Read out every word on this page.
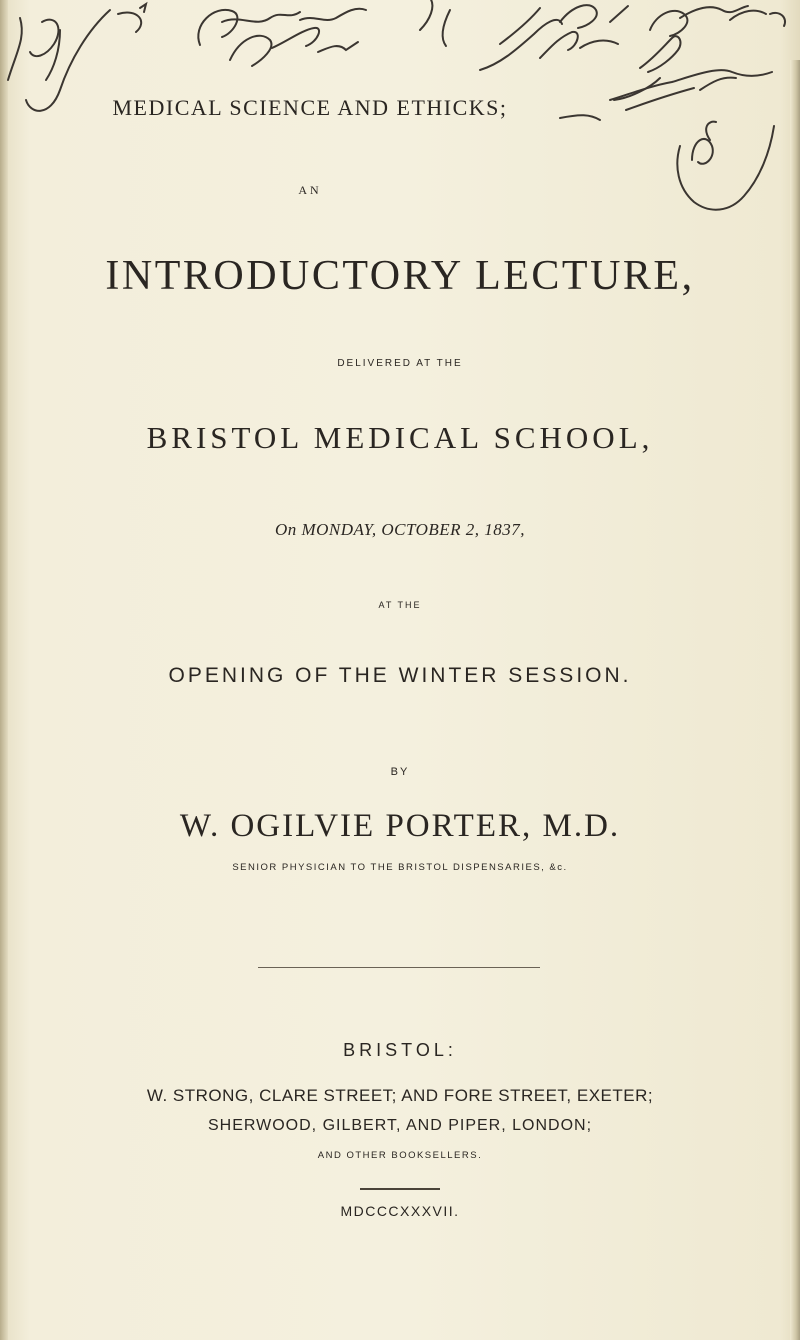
MEDICAL SCIENCE AND ETHICKS;
AN
INTRODUCTORY LECTURE,
DELIVERED AT THE
BRISTOL MEDICAL SCHOOL,
On MONDAY, OCTOBER 2, 1837,
AT THE
OPENING OF THE WINTER SESSION.
BY
W. OGILVIE PORTER, M.D.
SENIOR PHYSICIAN TO THE BRISTOL DISPENSARIES, &c.
BRISTOL:
W. STRONG, CLARE STREET; AND FORE STREET, EXETER;
SHERWOOD, GILBERT, AND PIPER, LONDON;
AND OTHER BOOKSELLERS.
MDCCCXXXVII.
